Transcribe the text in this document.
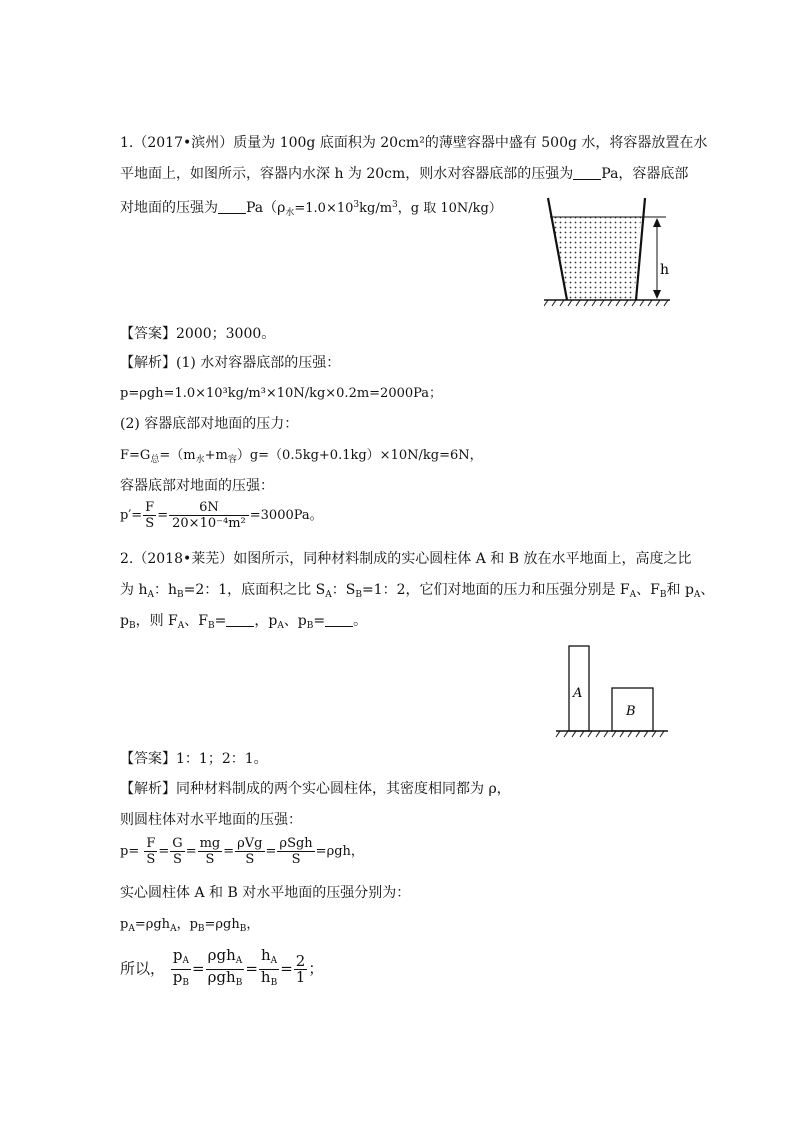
1.（2017•滨州）质量为 100g 底面积为 20cm²的薄壁容器中盛有 500g 水，将容器放置在水
平地面上，如图所示，容器内水深 h 为 20cm，则水对容器底部的压强为 Pa，容器底部
对地面的压强为 $Pa(\rho_水=1.0\times 10^3kg/m^3$，g 取 10N/kg）
h
【答案】2000；3000。
【解析】(1) 水对容器底部的压强：
p=ρgh=1.0×10³kg/m³×10N/kg×0.2m=2000Pa；
(2) 容器底部对地面的压力：
$F=G_总=(m_水+m_容)g=(0.5kg+0.1kg)\times 10N/kg=6N$，
容器底部对地面的压强：
$p'= \frac{F}{S} = \frac{6N}{\text{20×10⁻⁴m²}} =3000Pa$。
2.（2018•莱芜）如图所示，同种材料制成的实心圆柱体 A 和 B 放在水平地面上，高度之比
为 $h_A$：$h_B=2$：1，底面积之比 $S_A$：$S_B=1$：2，它们对地面的压力和压强分别是 $F_A$、$F_B$和 $p_A$、
$p_B$，则 $F_A$、$F_B=$ ，$p_A$、$p_B=$ 。
A
B
【答案】1：1；2：1。
【解析】同种材料制成的两个实心圆柱体，其密度相同都为 ρ，
则圆柱体对水平地面的压强：
$p= \frac{F}{S} = \frac{G}{S} = \frac{mg}{S} = \frac{\text{ρVg}}{S} = \frac{\text{ρSgh}}{S} =\rho gh$，
实心圆柱体 A 和 B 对水平地面的压强分别为：
$p_A=\rho gh_A$，$p_B=\rho gh_B$，
所以， $\frac{p_A}{p_B} = \frac{\rho gh_A}{\rho gh_B} = \frac{h_A}{h_B} = \frac{2}{1}$ ；
